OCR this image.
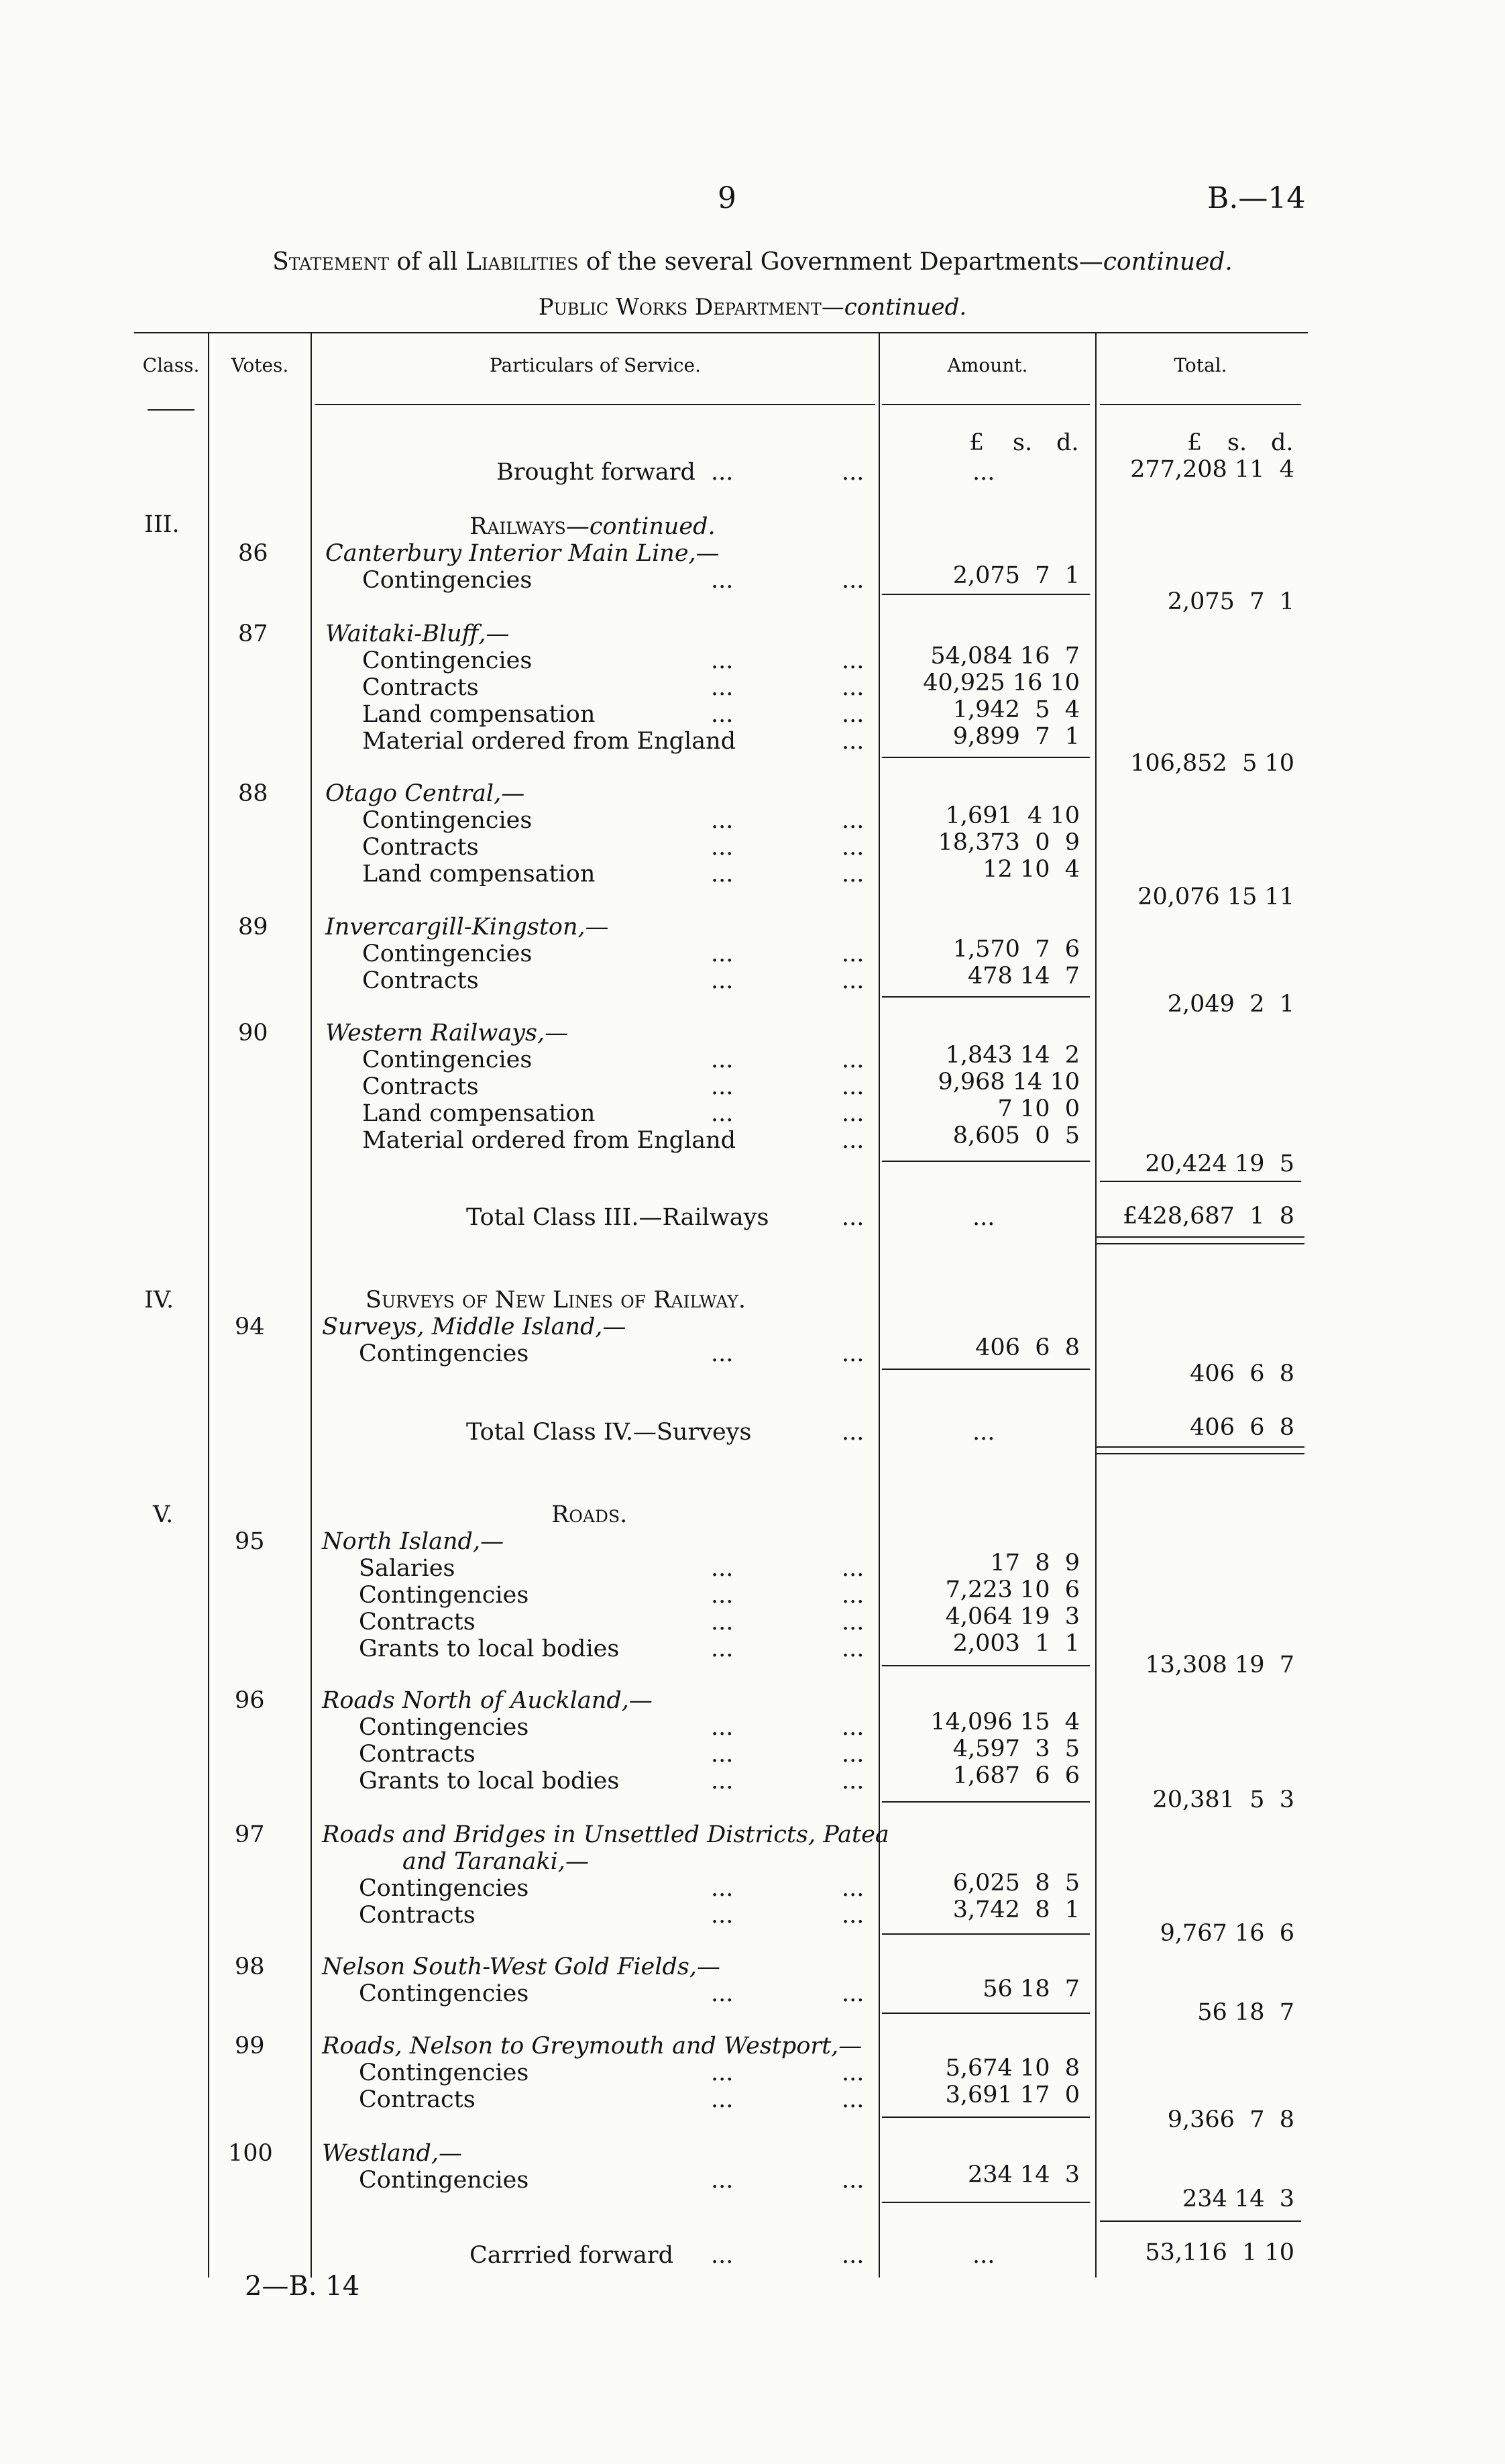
9	B.—14
Statement of all Liabilities of the several Government Departments—continued.
Public Works Department—continued.
Class.	Votes.	Particulars of Service.	Amount.	Total.
£ s. d.	£ s. d.
Brought forward ...	...	...	277,208 11  4
III.	Railways—continued.
86 Canterbury Interior Main Line,—
Contingencies	...	...	2,075  7  1
2,075  7  1
87 Waitaki-Bluff,—
Contingencies	...	...	54,084 16  7
Contracts	...	...	40,925 16 10
Land compensation	...	...	1,942  5  4
Material ordered from England	...	9,899  7  1
106,852  5 10
88 Otago Central,—
Contingencies	...	...	1,691  4 10
Contracts	...	...	18,373  0  9
Land compensation	...	...	12 10  4
20,076 15 11
89 Invercargill-Kingston,—
Contingencies	...	...	1,570  7  6
Contracts	...	...	478 14  7
2,049  2  1
90 Western Railways,—
Contingencies	...	...	1,843 14  2
Contracts	...	...	9,968 14 10
Land compensation	...	...	7 10  0
Material ordered from England	...	8,605  0  5
20,424 19  5
Total Class III.—Railways	...	...	£428,687  1  8
IV.	Surveys of New Lines of Railway.
94 Surveys, Middle Island,—
Contingencies	...	...	406  6  8
406  6  8
Total Class IV.—Surveys	...	...	406  6  8
V.	Roads.
95 North Island,—
Salaries	...	...	17  8  9
Contingencies	...	...	7,223 10  6
Contracts	...	...	4,064 19  3
Grants to local bodies	...	...	2,003  1  1
13,308 19  7
96 Roads North of Auckland,—
Contingencies	...	...	14,096 15  4
Contracts	...	...	4,597  3  5
Grants to local bodies	...	...	1,687  6  6
20,381  5  3
97 Roads and Bridges in Unsettled Districts, Patea
and Taranaki,—
Contingencies	...	...	6,025  8  5
Contracts	...	...	3,742  8  1
9,767 16  6
98 Nelson South-West Gold Fields,—
Contingencies	...	...	56 18  7
56 18  7
99 Roads, Nelson to Greymouth and Westport,—
Contingencies	...	...	5,674 10  8
Contracts	...	...	3,691 17  0
9,366  7  8
100 Westland,—
Contingencies	...	...	234 14  3
234 14  3
Carrried forward ...	...	...	53,116  1 10
2—B. 14
